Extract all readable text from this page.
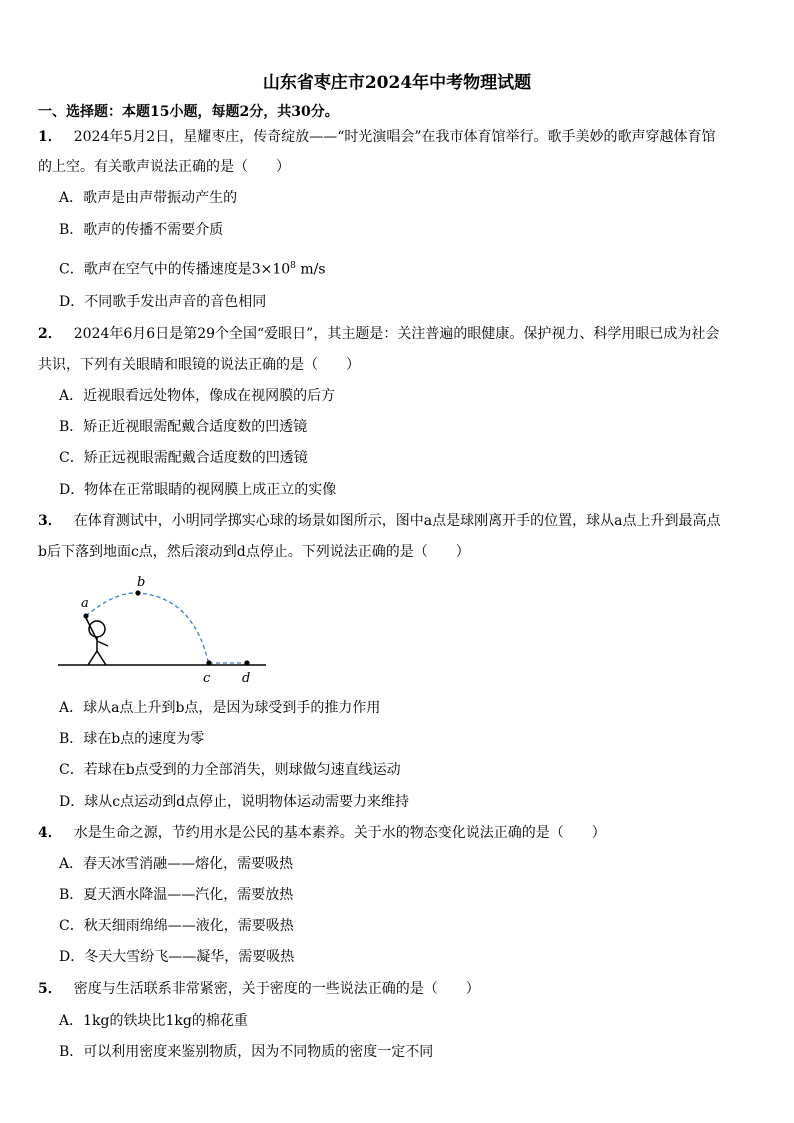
山东省枣庄市2024年中考物理试题
一、选择题：本题15小题，每题2分，共30分。
1． 2024年5月2日，星耀枣庄，传奇绽放——“时光演唱会”在我市体育馆举行。歌手美妙的歌声穿越体育馆
的上空。有关歌声说法正确的是（　　）
A．歌声是由声带振动产生的
B．歌声的传播不需要介质
C．歌声在空气中的传播速度是$3\times 10^8$ m/s
D．不同歌手发出声音的音色相同
2． 2024年6月6日是第29个全国“爱眼日”，其主题是：关注普遍的眼健康。保护视力、科学用眼已成为社会
共识，下列有关眼睛和眼镜的说法正确的是（　　）
A．近视眼看远处物体，像成在视网膜的后方
B．矫正近视眼需配戴合适度数的凹透镜
C．矫正远视眼需配戴合适度数的凹透镜
D．物体在正常眼睛的视网膜上成正立的实像
3． 在体育测试中，小明同学掷实心球的场景如图所示，图中a点是球刚离开手的位置，球从a点上升到最高点
b后下落到地面c点，然后滚动到d点停止。下列说法正确的是（　　）
a
b
c d
A．球从a点上升到b点，是因为球受到手的推力作用
B．球在b点的速度为零
C．若球在b点受到的力全部消失，则球做匀速直线运动
D．球从c点运动到d点停止，说明物体运动需要力来维持
4． 水是生命之源，节约用水是公民的基本素养。关于水的物态变化说法正确的是（　　）
A．春天冰雪消融——熔化，需要吸热
B．夏天洒水降温——汽化，需要放热
C．秋天细雨绵绵——液化，需要吸热
D．冬天大雪纷飞——凝华，需要吸热
5． 密度与生活联系非常紧密，关于密度的一些说法正确的是（　　）
A．1kg的铁块比1kg的棉花重
B．可以利用密度来鉴别物质，因为不同物质的密度一定不同
